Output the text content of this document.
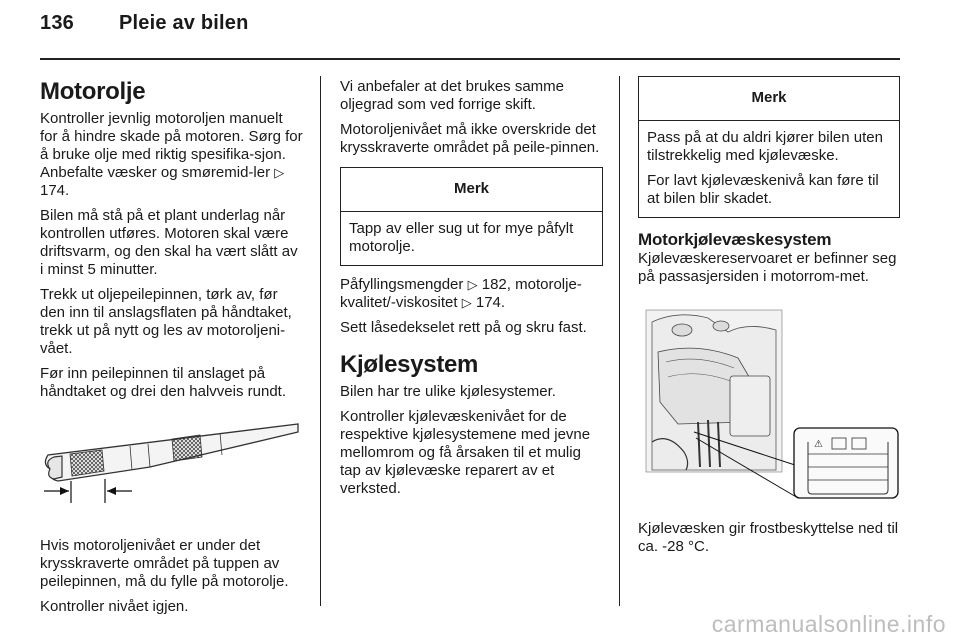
136 Pleie av bilen
Motorolje

Kontroller jevnlig motoroljen manuelt for å hindre skade på motoren. Sørg for å bruke olje med riktig spesifika-sjon. Anbefalte væsker og smøremid-ler ▷ 174.

Bilen må stå på et plant underlag når kontrollen utføres. Motoren skal være driftsvarm, og den skal ha vært slått av i minst 5 minutter.

Trekk ut oljepeilepinnen, tørk av, før den inn til anslagsflaten på håndtaket, trekk ut på nytt og les av motoroljeni-vået.

Før inn peilepinnen til anslaget på håndtaket og drei den halvveis rundt.

Hvis motoroljenivået er under det krysskraverte området på tuppen av peilepinnen, må du fylle på motorolje.

Kontroller nivået igjen.

Vi anbefaler at det brukes samme oljegrad som ved forrige skift.

Motoroljenivået må ikke overskride det krysskraverte området på peile-pinnen.

Merk

Tapp av eller sug ut for mye påfylt motorolje.

Påfyllingsmengder ▷ 182, motorolje-kvalitet/-viskositet ▷ 174.

Sett låsedekselet rett på og skru fast.

Kjølesystem

Bilen har tre ulike kjølesystemer.

Kontroller kjølevæskenivået for de respektive kjølesystemene med jevne mellomrom og få årsaken til et mulig tap av kjølevæske reparert av et verksted.

Merk

Pass på at du aldri kjører bilen uten tilstrekkelig med kjølevæske.

For lavt kjølevæskenivå kan føre til at bilen blir skadet.

Motorkjølevæskesystem

Kjølevæskereservoaret er befinner seg på passasjersiden i motorrom-met.

⚠

Kjølevæsken gir frostbeskyttelse ned til ca. -28 °C.

carmanualsonline.info
